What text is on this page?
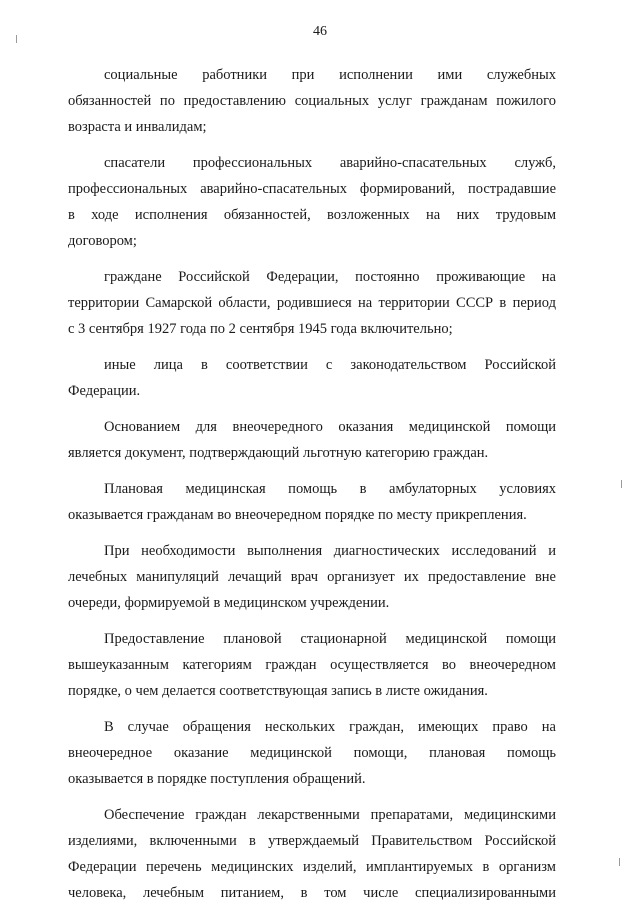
46
социальные работники при исполнении ими служебных
обязанностей по предоставлению социальных услуг гражданам пожилого
возраста и инвалидам;
спасатели профессиональных аварийно-спасательных служб,
профессиональных аварийно-спасательных формирований, пострадавшие
в ходе исполнения обязанностей, возложенных на них трудовым
договором;
граждане Российской Федерации, постоянно проживающие на
территории Самарской области, родившиеся на территории СССР в период
с 3 сентября 1927 года по 2 сентября 1945 года включительно;
иные лица в соответствии с законодательством Российской
Федерации.
Основанием для внеочередного оказания медицинской помощи
является документ, подтверждающий льготную категорию граждан.
Плановая медицинская помощь в амбулаторных условиях
оказывается гражданам во внеочередном порядке по месту прикрепления.
При необходимости выполнения диагностических исследований и
лечебных манипуляций лечащий врач организует их предоставление вне
очереди, формируемой в медицинском учреждении.
Предоставление плановой стационарной медицинской помощи
вышеуказанным категориям граждан осуществляется во внеочередном
порядке, о чем делается соответствующая запись в листе ожидания.
В случае обращения нескольких граждан, имеющих право на
внеочередное оказание медицинской помощи, плановая помощь
оказывается в порядке поступления обращений.
Обеспечение граждан лекарственными препаратами, медицинскими
изделиями, включенными в утверждаемый Правительством Российской
Федерации перечень медицинских изделий, имплантируемых в организм
человека, лечебным питанием, в том числе специализированными
